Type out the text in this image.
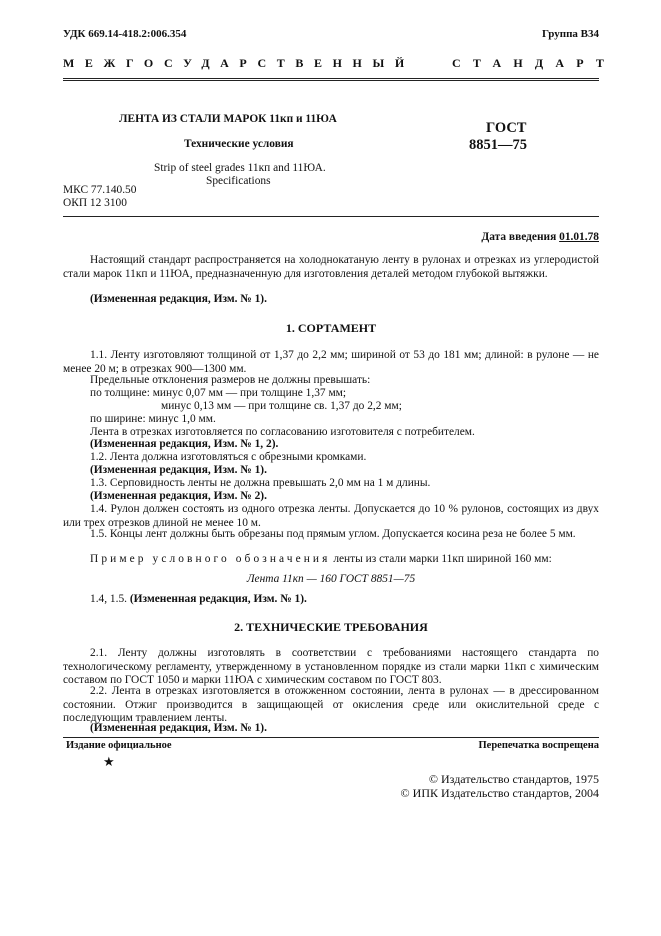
УДК 669.14-418.2:006.354	Группа В34
МЕЖГОСУДАРСТВЕННЫЙ	СТАНДАРТ
ЛЕНТА ИЗ СТАЛИ МАРОК 11кп и 11ЮА
Технические условия
Strip of steel grades 11кп and 11ЮА.
Specifications
ГОСТ
8851—75
МКС 77.140.50
ОКП 12 3100
Дата введения 01.01.78
Настоящий стандарт распространяется на холоднокатаную ленту в рулонах и отрезках из углеродистой стали марок 11кп и 11ЮА, предназначенную для изготовления деталей методом глубокой вытяжки.
(Измененная редакция, Изм. № 1).
1. СОРТАМЕНТ
1.1. Ленту изготовляют толщиной от 1,37 до 2,2 мм; шириной от 53 до 181 мм; длиной: в рулоне — не менее 20 м; в отрезках 900—1300 мм.
Предельные отклонения размеров не должны превышать:
по толщине: минус 0,07 мм — при толщине 1,37 мм;
минус 0,13 мм — при толщине св. 1,37 до 2,2 мм;
по ширине: минус 1,0 мм.
Лента в отрезках изготовляется по согласованию изготовителя с потребителем.
(Измененная редакция, Изм. № 1, 2).
1.2. Лента должна изготовляться с обрезными кромками.
(Измененная редакция, Изм. № 1).
1.3. Серповидность ленты не должна превышать 2,0 мм на 1 м длины.
(Измененная редакция, Изм. № 2).
1.4. Рулон должен состоять из одного отрезка ленты. Допускается до 10 % рулонов, состоящих из двух или трех отрезков длиной не менее 10 м.
1.5. Концы лент должны быть обрезаны под прямым углом. Допускается косина реза не более 5 мм.
Пример условного обозначения ленты из стали марки 11кп шириной 160 мм:
Лента 11кп — 160 ГОСТ 8851—75
1.4, 1.5. (Измененная редакция, Изм. № 1).
2. ТЕХНИЧЕСКИЕ ТРЕБОВАНИЯ
2.1. Ленту должны изготовлять в соответствии с требованиями настоящего стандарта по технологическому регламенту, утвержденному в установленном порядке из стали марки 11кп с химическим составом по ГОСТ 1050 и марки 11ЮА с химическим составом по ГОСТ 803.
2.2. Лента в отрезках изготовляется в отожженном состоянии, лента в рулонах — в дрессированном состоянии. Отжиг производится в защищающей от окисления среде или окислительной среде с последующим травлением ленты.
(Измененная редакция, Изм. № 1).
Издание официальное	Перепечатка воспрещена
★
© Издательство стандартов, 1975
© ИПК Издательство стандартов, 2004
